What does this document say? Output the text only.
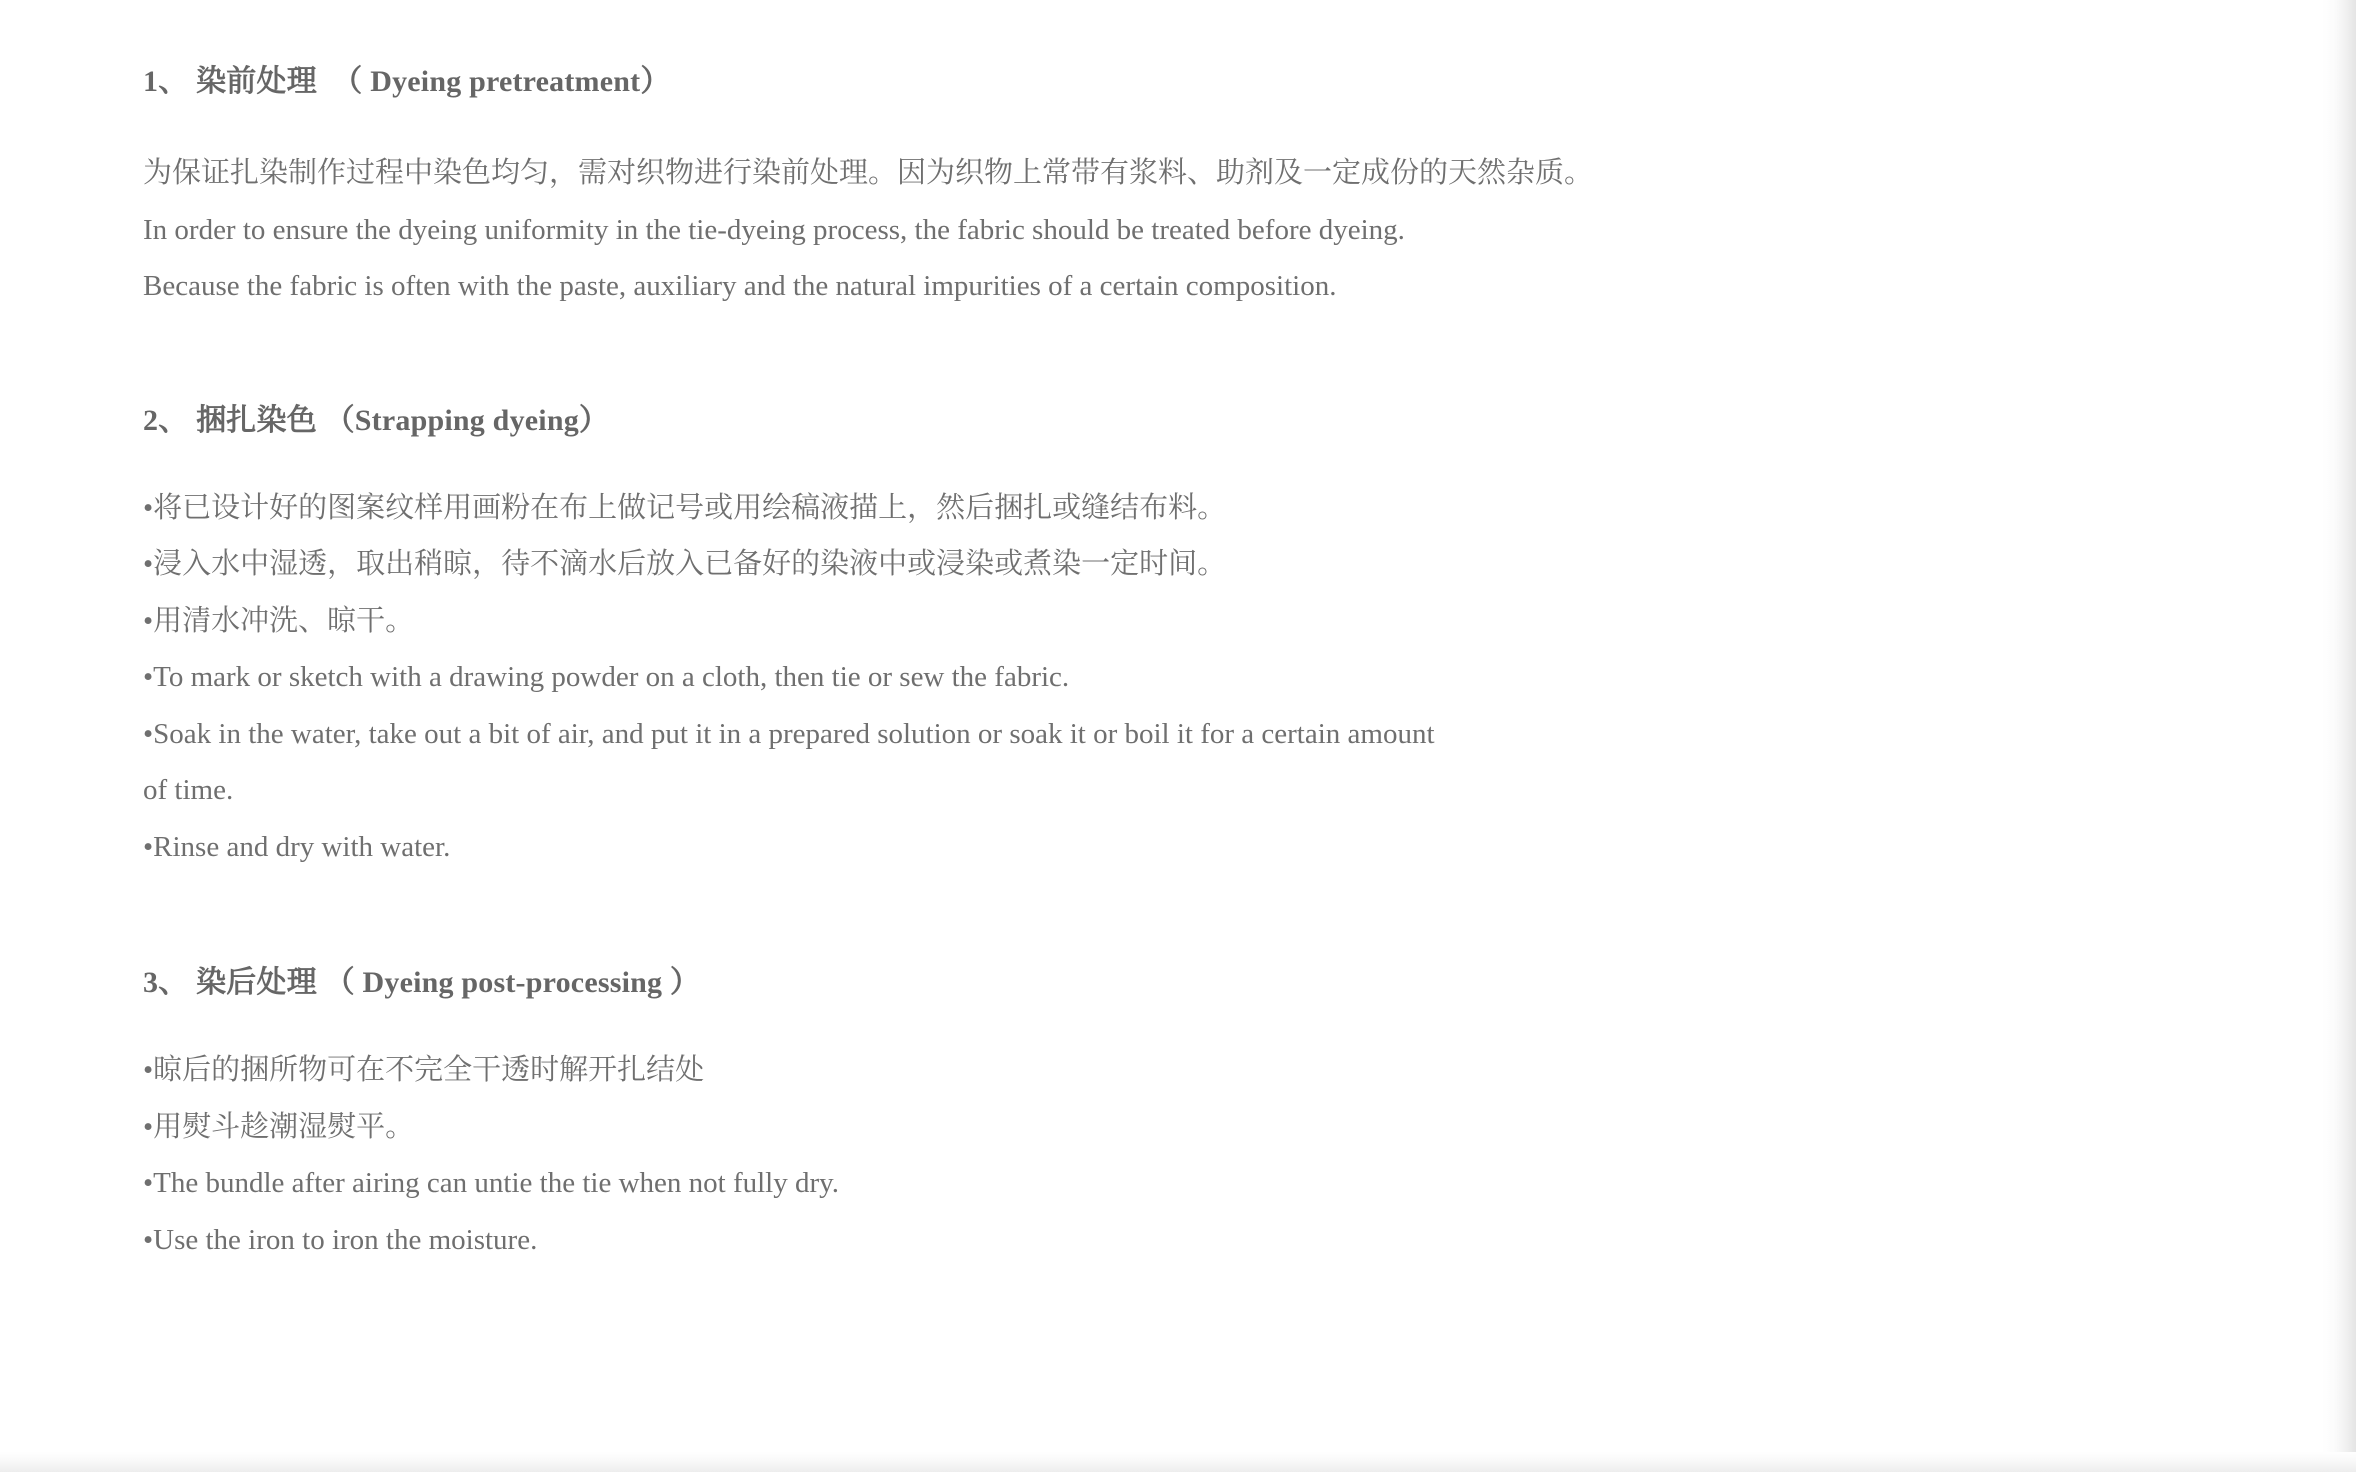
1、 染前处理  （ Dyeing pretreatment）
为保证扎染制作过程中染色均匀，需对织物进行染前处理。因为织物上常带有浆料、助剂及一定成份的天然杂质。
In order to ensure the dyeing uniformity in the tie-dyeing process, the fabric should be treated before dyeing.
Because the fabric is often with the paste, auxiliary and the natural impurities of a certain composition.
2、 捆扎染色 （Strapping dyeing）
•将已设计好的图案纹样用画粉在布上做记号或用绘稿液描上，然后捆扎或缝结布料。
•浸入水中湿透，取出稍晾，待不滴水后放入已备好的染液中或浸染或煮染一定时间。
•用清水冲洗、晾干。
•To mark or sketch with a drawing powder on a cloth, then tie or sew the fabric.
•Soak in the water, take out a bit of air, and put it in a prepared solution or soak it or boil it for a certain amount
of time.
•Rinse and dry with water.
3、 染后处理 （ Dyeing post-processing ）
•晾后的捆所物可在不完全干透时解开扎结处
•用熨斗趁潮湿熨平。
•The bundle after airing can untie the tie when not fully dry.
•Use the iron to iron the moisture.
